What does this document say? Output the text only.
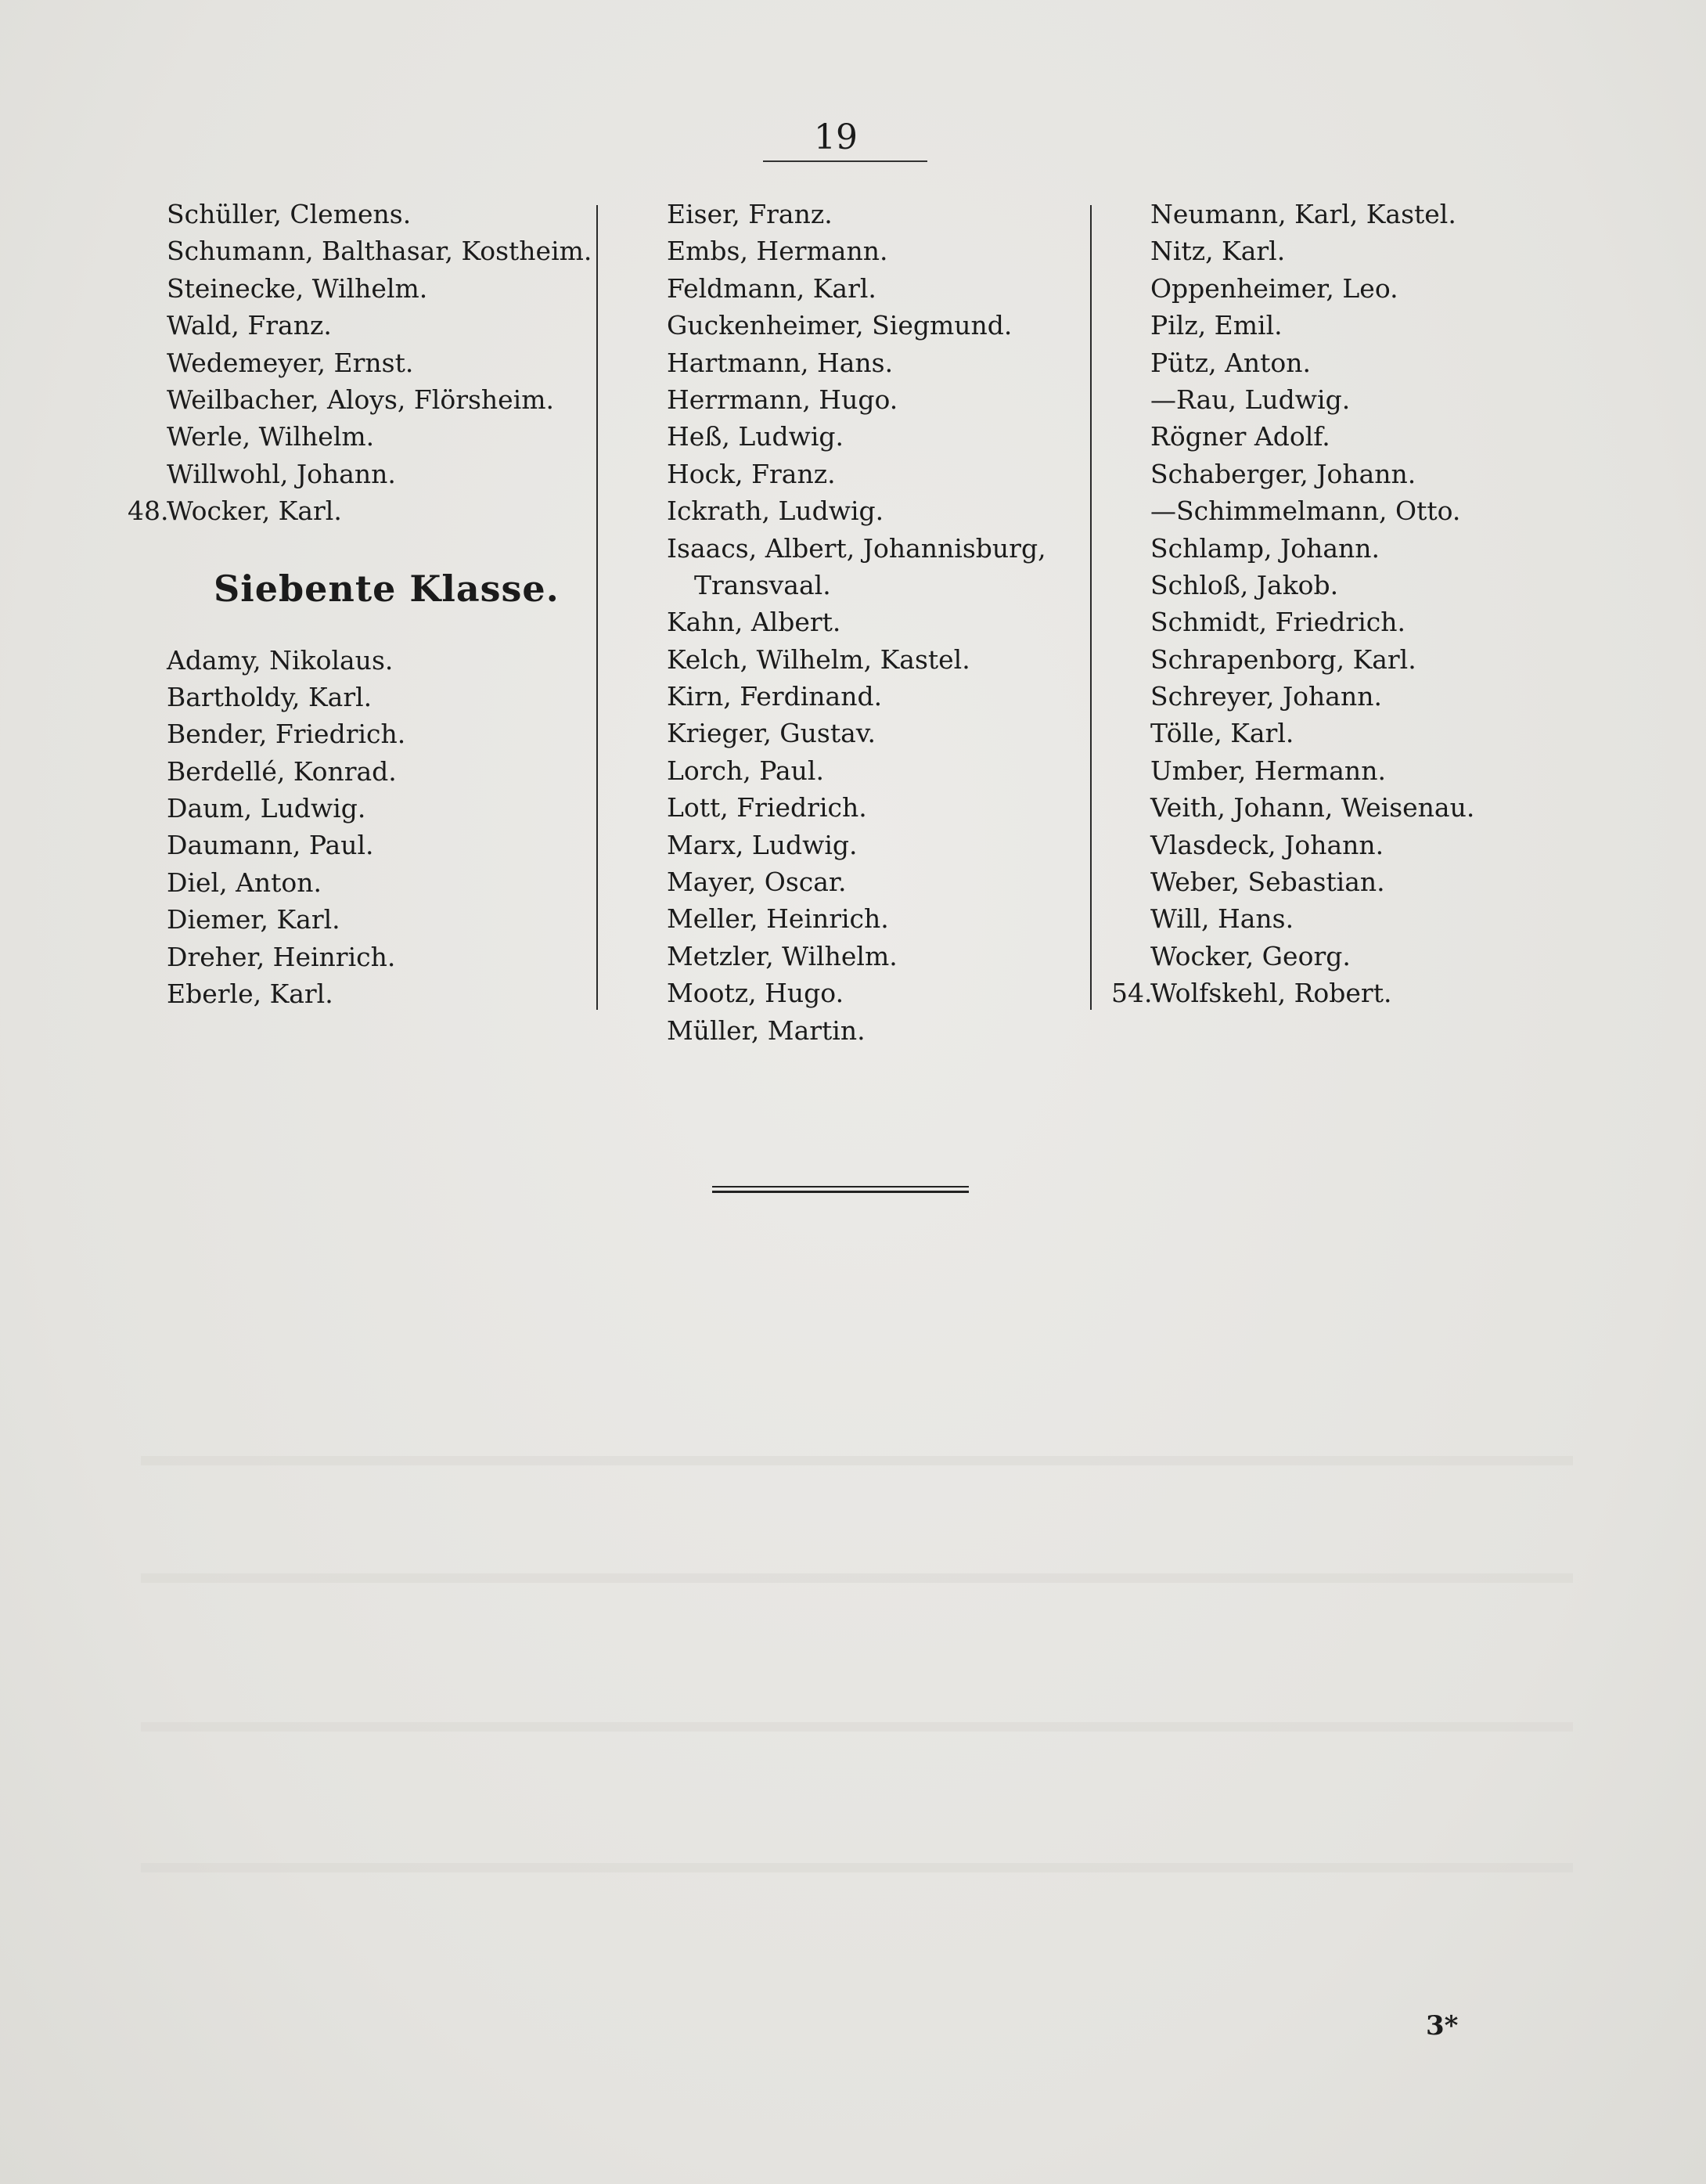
19
Schüller, Clemens.
Schumann, Balthasar, Kostheim.
Steinecke, Wilhelm.
Wald, Franz.
Wedemeyer, Ernst.
Weilbacher, Aloys, Flörsheim.
Werle, Wilhelm.
Willwohl, Johann.
48.
Wocker, Karl.
Siebente Klasse.
Adamy, Nikolaus.
Bartholdy, Karl.
Bender, Friedrich.
Berdellé, Konrad.
Daum, Ludwig.
Daumann, Paul.
Diel, Anton.
Diemer, Karl.
Dreher, Heinrich.
Eberle, Karl.
Eiser, Franz.
Embs, Hermann.
Feldmann, Karl.
Guckenheimer, Siegmund.
Hartmann, Hans.
Herrmann, Hugo.
Heß, Ludwig.
Hock, Franz.
Ickrath, Ludwig.
Isaacs, Albert, Johannisburg,
Transvaal.
Kahn, Albert.
Kelch, Wilhelm, Kastel.
Kirn, Ferdinand.
Krieger, Gustav.
Lorch, Paul.
Lott, Friedrich.
Marx, Ludwig.
Mayer, Oscar.
Meller, Heinrich.
Metzler, Wilhelm.
Mootz, Hugo.
Müller, Martin.
Neumann, Karl, Kastel.
Nitz, Karl.
Oppenheimer, Leo.
Pilz, Emil.
Pütz, Anton.
—Rau, Ludwig.
Rögner Adolf.
Schaberger, Johann.
—Schimmelmann, Otto.
Schlamp, Johann.
Schloß, Jakob.
Schmidt, Friedrich.
Schrapenborg, Karl.
Schreyer, Johann.
Tölle, Karl.
Umber, Hermann.
Veith, Johann, Weisenau.
Vlasdeck, Johann.
Weber, Sebastian.
Will, Hans.
Wocker, Georg.
54.
Wolfskehl, Robert.
3*
